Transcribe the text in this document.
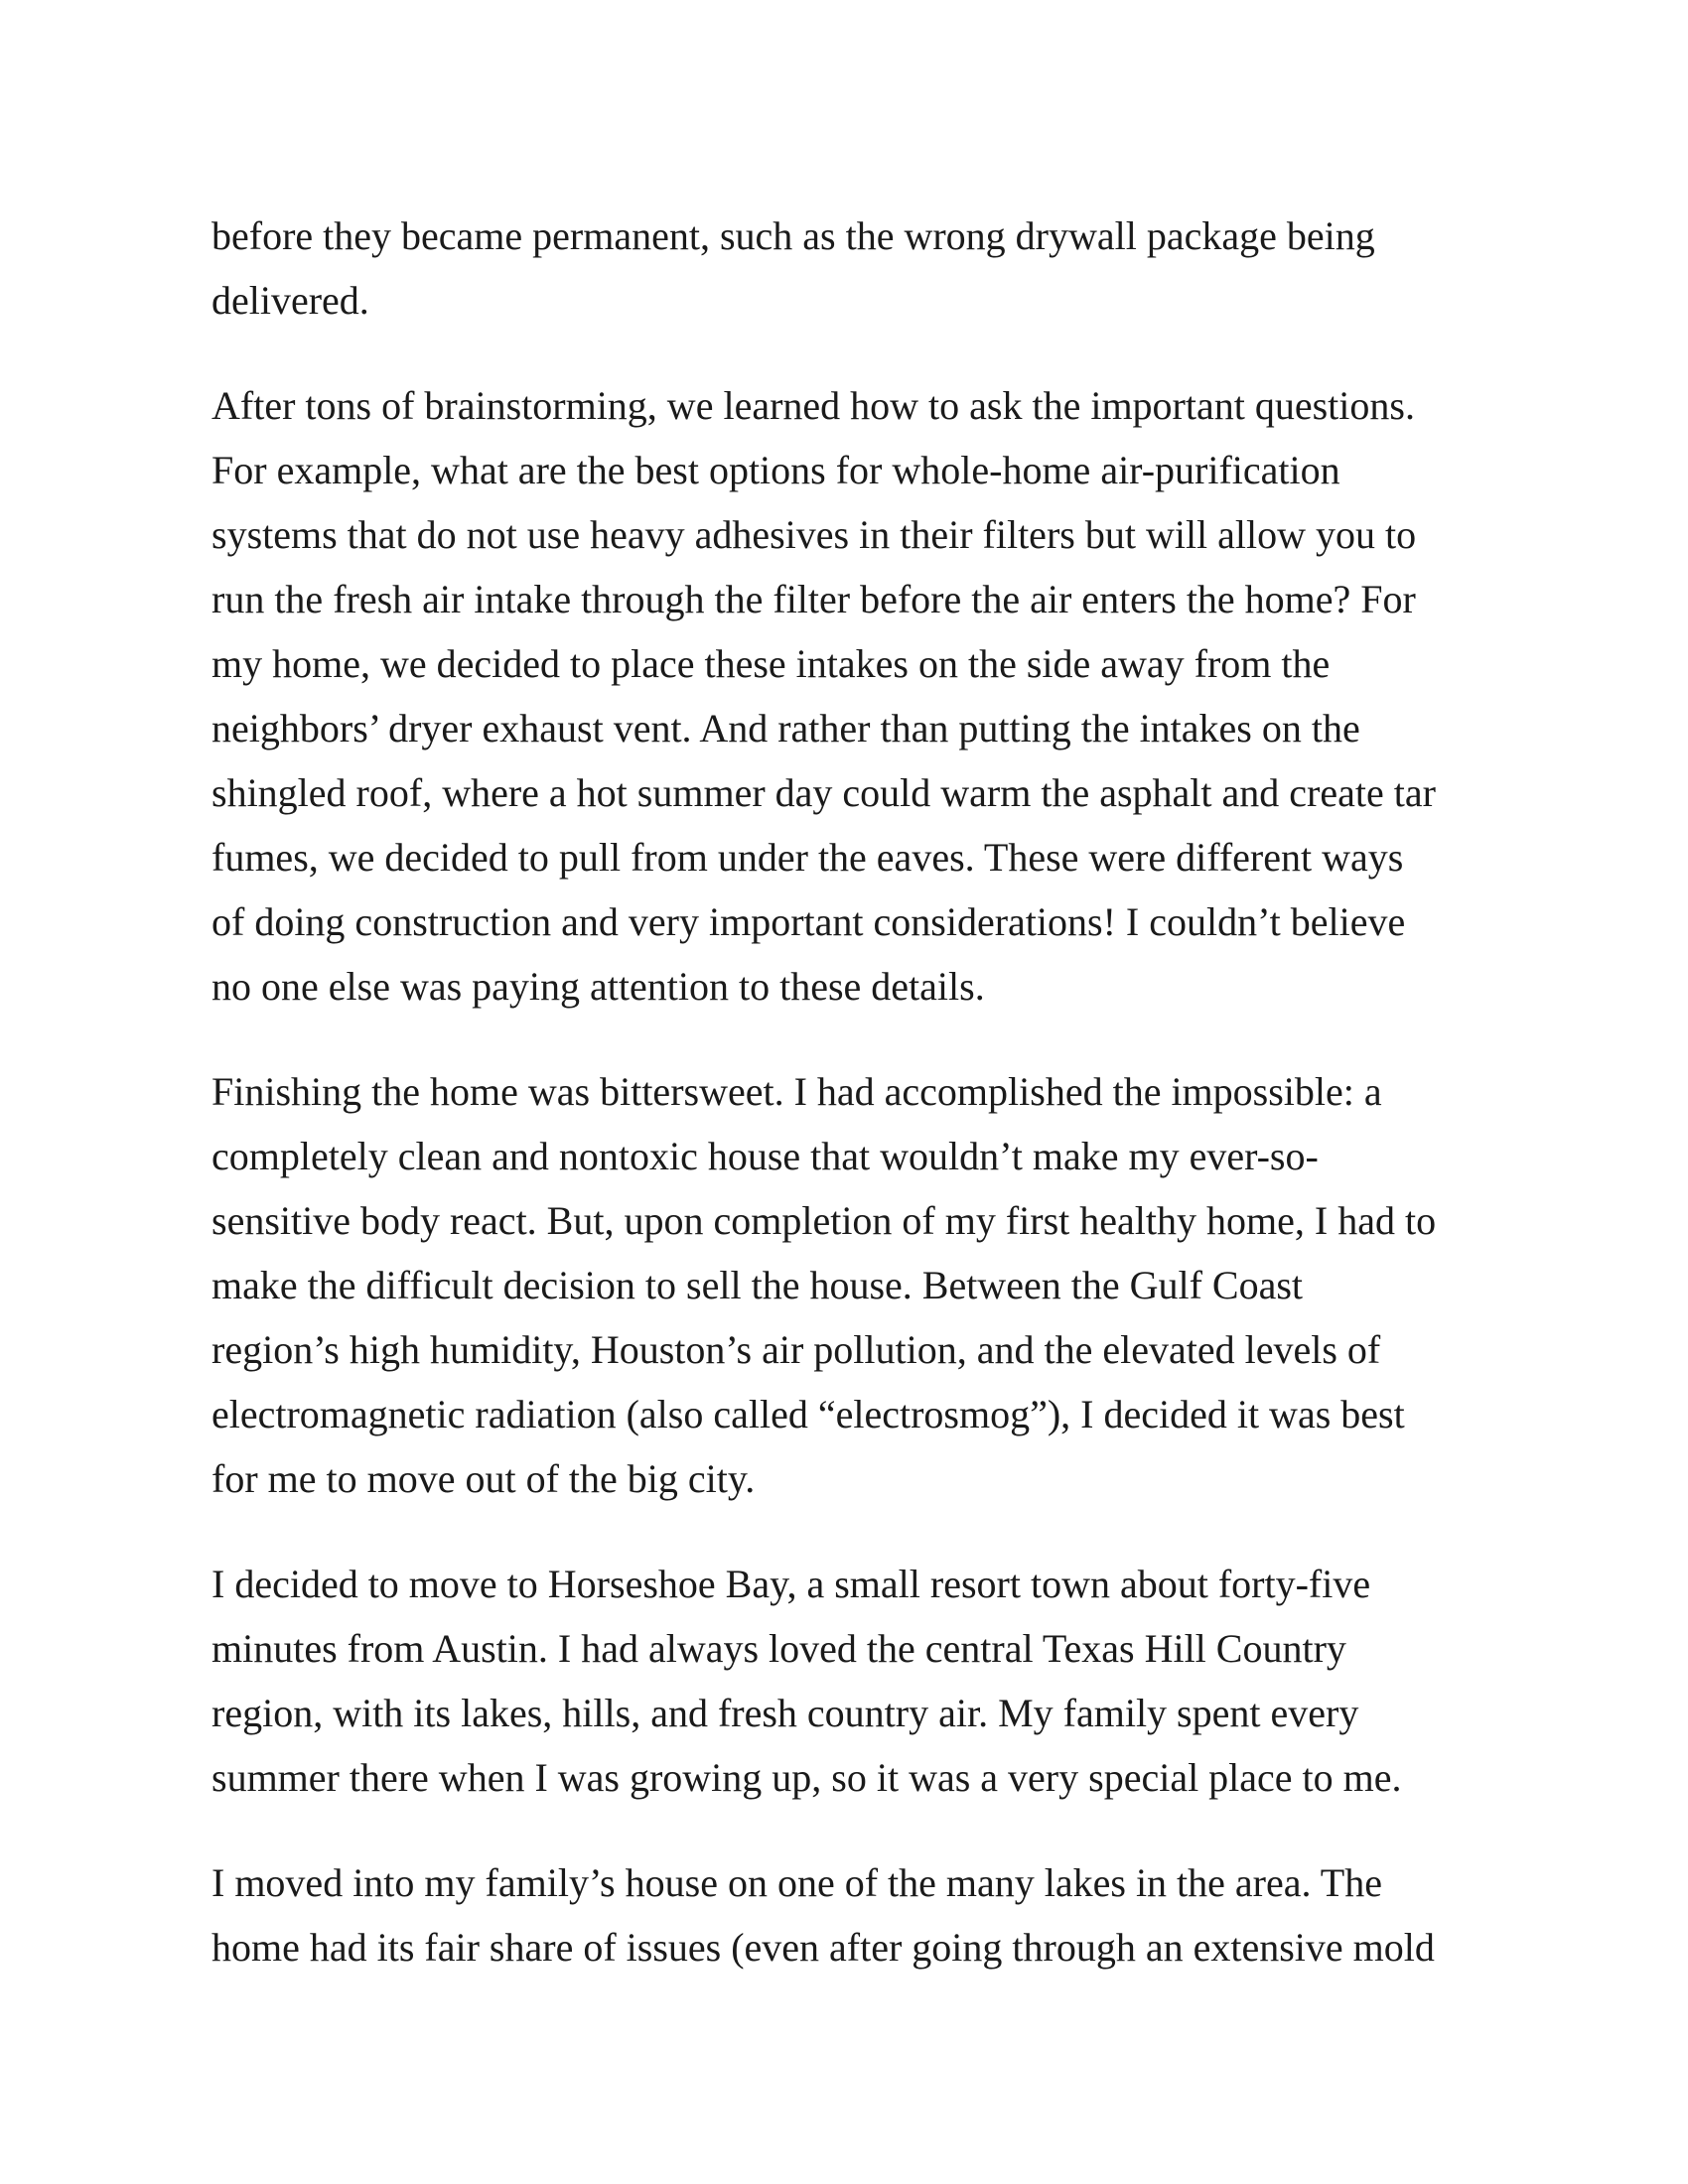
before they became permanent, such as the wrong drywall package being
delivered.

After tons of brainstorming, we learned how to ask the important questions.
For example, what are the best options for whole-home air-purification
systems that do not use heavy adhesives in their filters but will allow you to
run the fresh air intake through the filter before the air enters the home? For
my home, we decided to place these intakes on the side away from the
neighbors’ dryer exhaust vent. And rather than putting the intakes on the
shingled roof, where a hot summer day could warm the asphalt and create tar
fumes, we decided to pull from under the eaves. These were different ways
of doing construction and very important considerations! I couldn’t believe
no one else was paying attention to these details.

Finishing the home was bittersweet. I had accomplished the impossible: a
completely clean and nontoxic house that wouldn’t make my ever-so-
sensitive body react. But, upon completion of my first healthy home, I had to
make the difficult decision to sell the house. Between the Gulf Coast
region’s high humidity, Houston’s air pollution, and the elevated levels of
electromagnetic radiation (also called “electrosmog”), I decided it was best
for me to move out of the big city.

I decided to move to Horseshoe Bay, a small resort town about forty-five
minutes from Austin. I had always loved the central Texas Hill Country
region, with its lakes, hills, and fresh country air. My family spent every
summer there when I was growing up, so it was a very special place to me.

I moved into my family’s house on one of the many lakes in the area. The
home had its fair share of issues (even after going through an extensive mold
